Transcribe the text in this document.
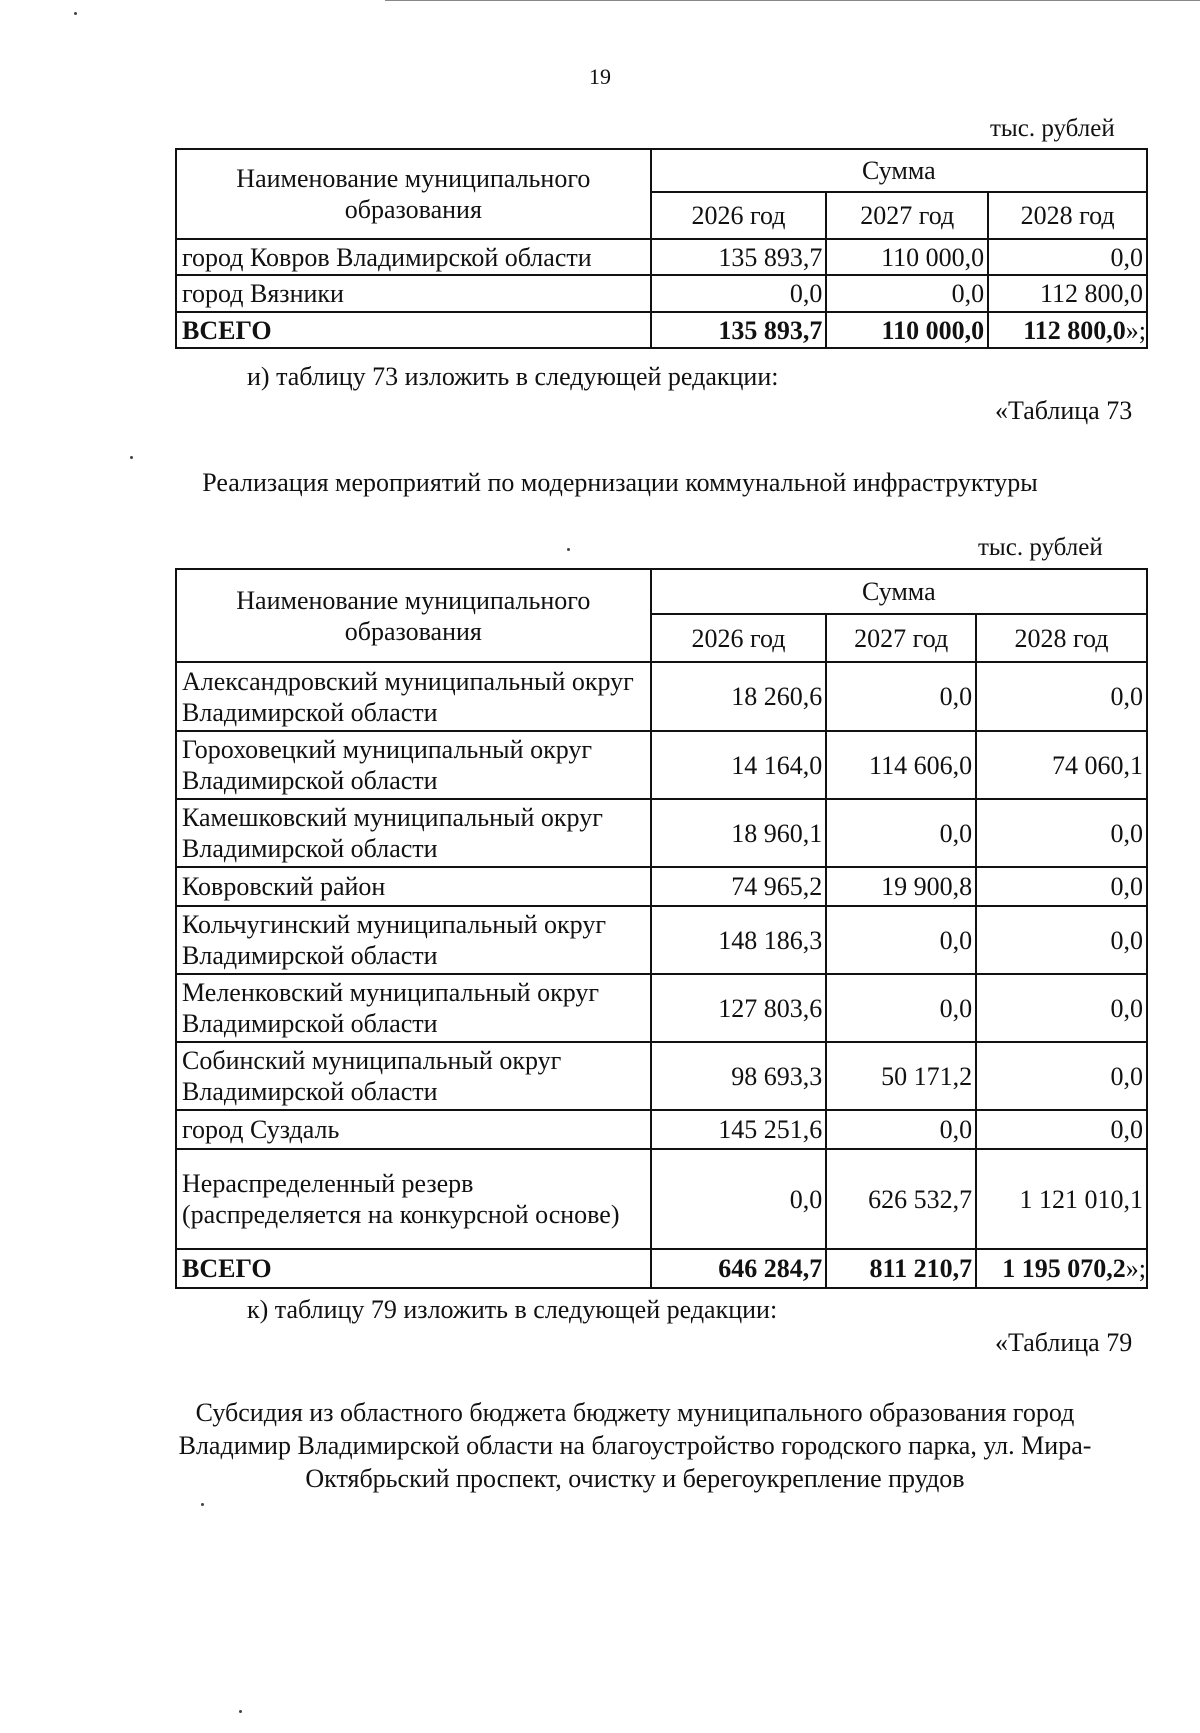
19
тыс. рублей
Наименование муниципального образования	Сумма		
	2026 год	2027 год	2028 год
город Ковров Владимирской области	135 893,7	110 000,0	0,0
город Вязники	0,0	0,0	112 800,0
ВСЕГО	135 893,7	110 000,0	112 800,0»;
и) таблицу 73 изложить в следующей редакции:
«Таблица 73
Реализация мероприятий по модернизации коммунальной инфраструктуры
тыс. рублей
Наименование муниципального образования	Сумма		
	2026 год	2027 год	2028 год
Александровский муниципальный округ Владимирской области	18 260,6	0,0	0,0
Гороховецкий муниципальный округ Владимирской области	14 164,0	114 606,0	74 060,1
Камешковский муниципальный округ Владимирской области	18 960,1	0,0	0,0
Ковровский район	74 965,2	19 900,8	0,0
Кольчугинский муниципальный округ Владимирской области	148 186,3	0,0	0,0
Меленковский муниципальный округ Владимирской области	127 803,6	0,0	0,0
Собинский муниципальный округ Владимирской области	98 693,3	50 171,2	0,0
город Суздаль	145 251,6	0,0	0,0
Нераспределенный резерв (распределяется на конкурсной основе)	0,0	626 532,7	1 121 010,1
ВСЕГО	646 284,7	811 210,7	1 195 070,2»;
к) таблицу 79 изложить в следующей редакции:
«Таблица 79
Субсидия из областного бюджета бюджету муниципального образования город Владимир Владимирской области на благоустройство городского парка, ул. Мира-Октябрьский проспект, очистку и берегоукрепление прудов
